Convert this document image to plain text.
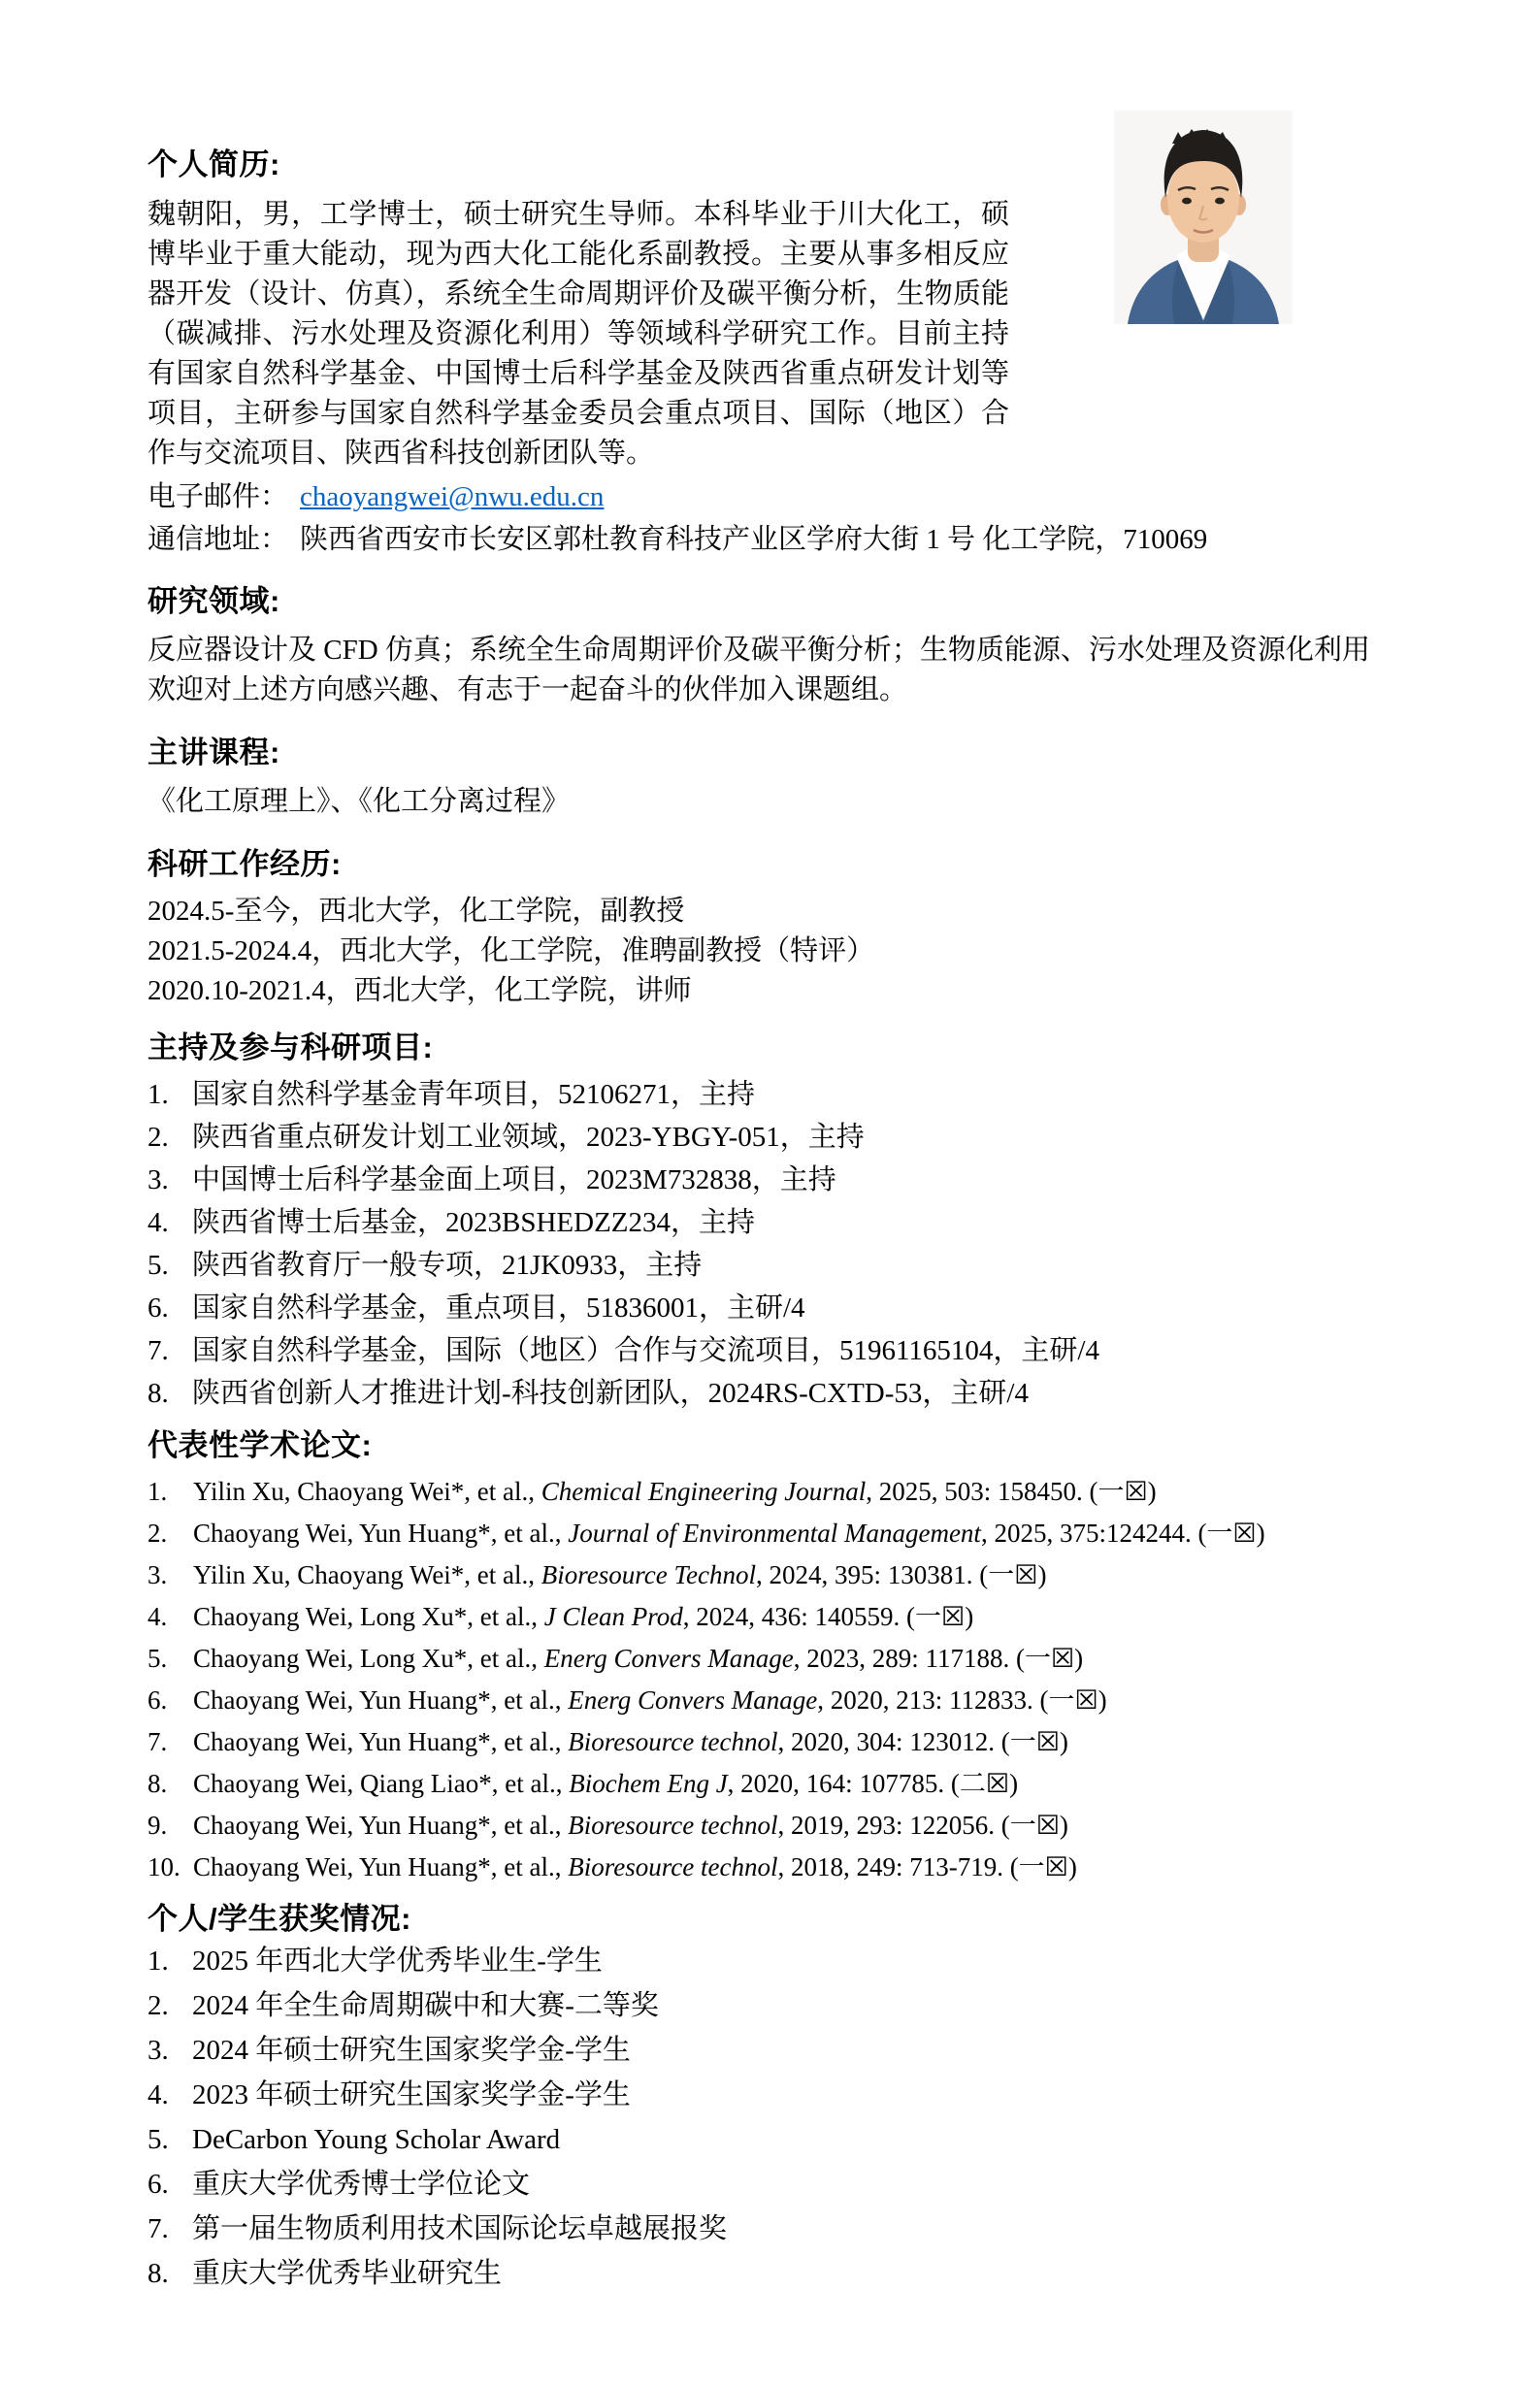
个人简历:

魏朝阳，男，工学博士，硕士研究生导师。本科毕业于川大化工，硕博毕业于重大能动，现为西大化工能化系副教授。主要从事多相反应器开发（设计、仿真），系统全生命周期评价及碳平衡分析，生物质能（碳减排、污水处理及资源化利用）等领域科学研究工作。目前主持有国家自然科学基金、中国博士后科学基金及陕西省重点研发计划等项目，主研参与国家自然科学基金委员会重点项目、国际（地区）合作与交流项目、陕西省科技创新团队等。

电子邮件： chaoyangwei@nwu.edu.cn

通信地址： 陕西省西安市长安区郭杜教育科技产业区学府大街 1 号 化工学院，710069

研究领域:

反应器设计及 CFD 仿真；系统全生命周期评价及碳平衡分析；生物质能源、污水处理及资源化利用

欢迎对上述方向感兴趣、有志于一起奋斗的伙伴加入课题组。

主讲课程:

《化工原理上》、《化工分离过程》

科研工作经历:

2024.5-至今，西北大学，化工学院，副教授

2021.5-2024.4，西北大学，化工学院，准聘副教授（特评）

2020.10-2021.4，西北大学，化工学院，讲师

主持及参与科研项目:
1. 国家自然科学基金青年项目，52106271，主持
2. 陕西省重点研发计划工业领域，2023-YBGY-051，主持
3. 中国博士后科学基金面上项目，2023M732838，主持
4. 陕西省博士后基金，2023BSHEDZZ234，主持
5. 陕西省教育厅一般专项，21JK0933，主持
6. 国家自然科学基金，重点项目，51836001，主研/4
7. 国家自然科学基金，国际（地区）合作与交流项目，51961165104，主研/4
8. 陕西省创新人才推进计划-科技创新团队，2024RS-CXTD-53，主研/4
代表性学术论文:
1. Yilin Xu, Chaoyang Wei*, et al., Chemical Engineering Journal, 2025, 503: 158450. (一☒)
2. Chaoyang Wei, Yun Huang*, et al., Journal of Environmental Management, 2025, 375:124244. (一☒)
3. Yilin Xu, Chaoyang Wei*, et al., Bioresource Technol, 2024, 395: 130381. (一☒)
4. Chaoyang Wei, Long Xu*, et al., J Clean Prod, 2024, 436: 140559. (一☒)
5. Chaoyang Wei, Long Xu*, et al., Energ Convers Manage, 2023, 289: 117188. (一☒)
6. Chaoyang Wei, Yun Huang*, et al., Energ Convers Manage, 2020, 213: 112833. (一☒)
7. Chaoyang Wei, Yun Huang*, et al., Bioresource technol, 2020, 304: 123012. (一☒)
8. Chaoyang Wei, Qiang Liao*, et al., Biochem Eng J, 2020, 164: 107785. (二☒)
9. Chaoyang Wei, Yun Huang*, et al., Bioresource technol, 2019, 293: 122056. (一☒)
10. Chaoyang Wei, Yun Huang*, et al., Bioresource technol, 2018, 249: 713-719. (一☒)
个人/学生获奖情况:
1. 2025 年西北大学优秀毕业生-学生
2. 2024 年全生命周期碳中和大赛-二等奖
3. 2024 年硕士研究生国家奖学金-学生
4. 2023 年硕士研究生国家奖学金-学生
5. DeCarbon Young Scholar Award
6. 重庆大学优秀博士学位论文
7. 第一届生物质利用技术国际论坛卓越展报奖
8. 重庆大学优秀毕业研究生
